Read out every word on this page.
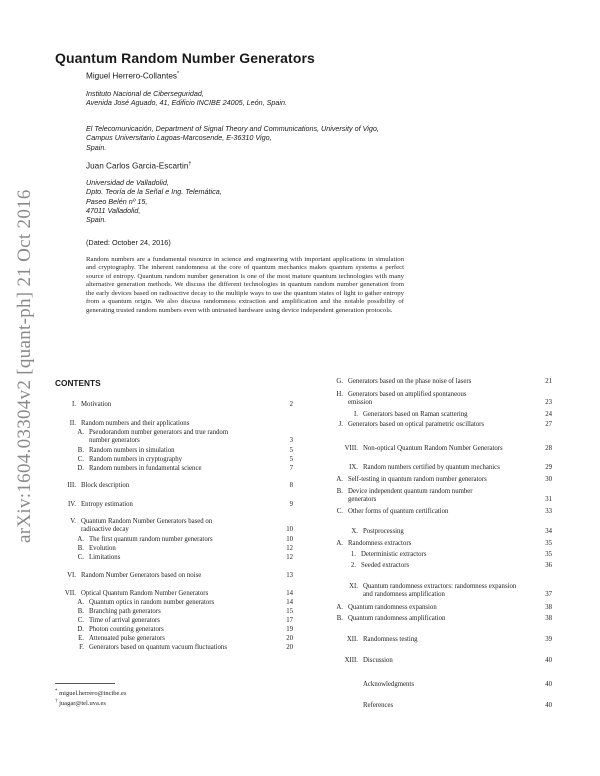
arXiv:1604.03304v2 [quant-ph] 21 Oct 2016
Quantum Random Number Generators
Miguel Herrero-Collantes*
Instituto Nacional de Ciberseguridad,
Avenida José Aguado, 41, Edificio INCIBE 24005, León, Spain.
El Telecomunicación, Department of Signal Theory and Communications, University of Vigo,
Campus Universitario Lagoas-Marcosende, E-36310 Vigo,
Spain.
Juan Carlos Garcia-Escartin†
Universidad de Valladolid,
Dpto. Teoría de la Señal e Ing. Telemática,
Paseo Belén nº 15,
47011 Valladolid,
Spain.
(Dated: October 24, 2016)
Random numbers are a fundamental resource in science and engineering with important applications in simulation and cryptography. The inherent randomness at the core of quantum mechanics makes quantum systems a perfect source of entropy. Quantum random number generation is one of the most mature quantum technologies with many alternative generation methods. We discuss the different technologies in quantum random number generation from the early devices based on radioactive decay to the multiple ways to use the quantum states of light to gather entropy from a quantum origin. We also discuss randomness extraction and amplification and the notable possibility of generating trusted random numbers even with untrusted hardware using device independent generation protocols.
CONTENTS
I. Motivation	2
II. Random numbers and their applications
A. Pseudorandom number generators and true random
number generators	3
B. Random numbers in simulation	5
C. Random numbers in cryptography	5
D. Random numbers in fundamental science	7
III. Block description	8
IV. Entropy estimation	9
V. Quantum Random Number Generators based on
radioactive decay	10
A. The first quantum random number generators	10
B. Evolution	12
C. Limitations	12
VI. Random Number Generators based on noise	13
VII. Optical Quantum Random Number Generators	14
A. Quantum optics in random number generators	14
B. Branching path generators	15
C. Time of arrival generators	17
D. Photon counting generators	19
E. Attenuated pulse generators	20
F. Generators based on quantum vacuum fluctuations	20
G. Generators based on the phase noise of lasers	21
H. Generators based on amplified spontaneous
emission	23
I. Generators based on Raman scattering	24
J. Generators based on optical parametric oscillators	27
VIII. Non-optical Quantum Random Number Generators	28
IX. Random numbers certified by quantum mechanics	29
A. Self-testing in quantum random number generators	30
B. Device independent quantum random number
generators	31
C. Other forms of quantum certification	33
X. Postprocessing	34
A. Randomness extractors	35
1. Deterministic extractors	35
2. Seeded extractors	36
XI. Quantum randomness extractors: randomness expansion
and randomness amplification	37
A. Quantum randomness expansion	38
B. Quantum randomness amplification	38
XII. Randomness testing	39
XIII. Discussion	40
Acknowledgments	40
References	40
* miguel.herrero@incibe.es
† juagar@tel.uva.es
